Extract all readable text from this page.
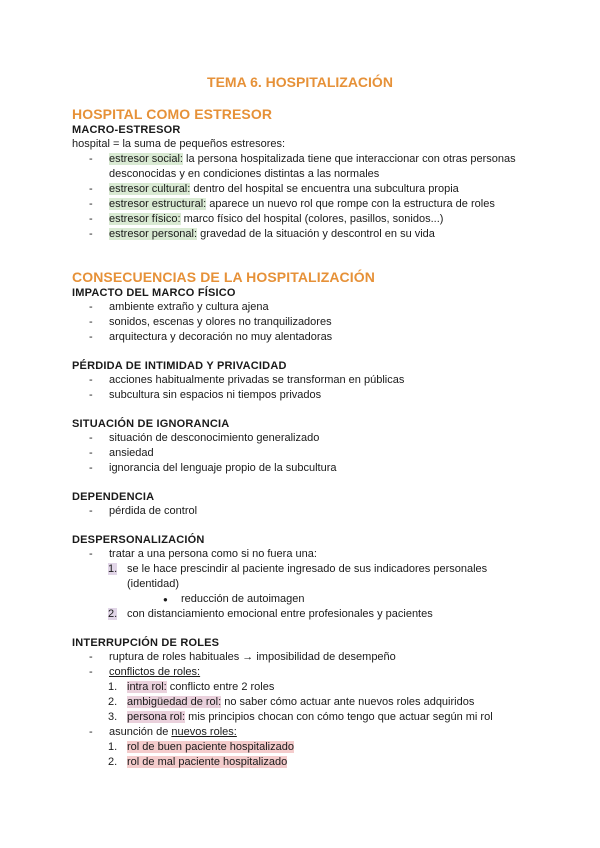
TEMA 6. HOSPITALIZACIÓN
HOSPITAL COMO ESTRESOR
MACRO-ESTRESOR

hospital = la suma de pequeños estresores:

- estresor social: la persona hospitalizada tiene que interaccionar con otras personas desconocidas y en condiciones distintas a las normales
- estresor cultural: dentro del hospital se encuentra una subcultura propia
- estresor estructural: aparece un nuevo rol que rompe con la estructura de roles
- estresor físico: marco físico del hospital (colores, pasillos, sonidos...)
- estresor personal: gravedad de la situación y descontrol en su vida
CONSECUENCIAS DE LA HOSPITALIZACIÓN
IMPACTO DEL MARCO FÍSICO
- ambiente extraño y cultura ajena
- sonidos, escenas y olores no tranquilizadores
- arquitectura y decoración no muy alentadoras
PÉRDIDA DE INTIMIDAD Y PRIVACIDAD
- acciones habitualmente privadas se transforman en públicas
- subcultura sin espacios ni tiempos privados
SITUACIÓN DE IGNORANCIA
- situación de desconocimiento generalizado
- ansiedad
- ignorancia del lenguaje propio de la subcultura
DEPENDENCIA
- pérdida de control
DESPERSONALIZACIÓN
- tratar a una persona como si no fuera una:
1. se le hace prescindir al paciente ingresado de sus indicadores personales (identidad)
● reducción de autoimagen
2. con distanciamiento emocional entre profesionales y pacientes
INTERRUPCIÓN DE ROLES
- ruptura de roles habituales → imposibilidad de desempeño
- conflictos de roles:
1. intra rol: conflicto entre 2 roles
2. ambigüedad de rol: no saber cómo actuar ante nuevos roles adquiridos
3. persona rol: mis principios chocan con cómo tengo que actuar según mi rol
- asunción de nuevos roles:
1. rol de buen paciente hospitalizado
2. rol de mal paciente hospitalizado
